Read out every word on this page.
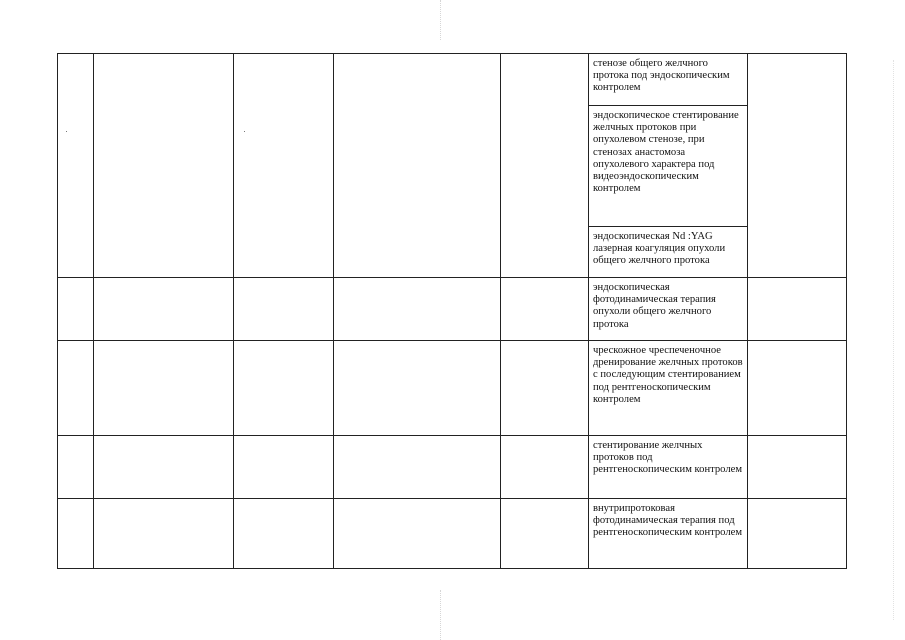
					стенозе общего желчного протока под эндоскопическим контролем	
					эндоскопическое стентирование желчных протоков при опухолевом стенозе, при стенозах анастомоза опухолевого характера под видеоэндоскопическим контролем	
					эндоскопическая Nd :YAG лазерная коагуляция опухоли общего желчного протока	
					эндоскопическая фотодинамическая терапия опухоли общего желчного протока	
					чрескожное чреспеченочное дренирование желчных протоков с последующим стентированием под рентгеноскопическим контролем	
					стентирование желчных протоков под рентгеноскопическим контролем	
					внутрипротоковая фотодинамическая терапия под рентгеноскопическим контролем	
